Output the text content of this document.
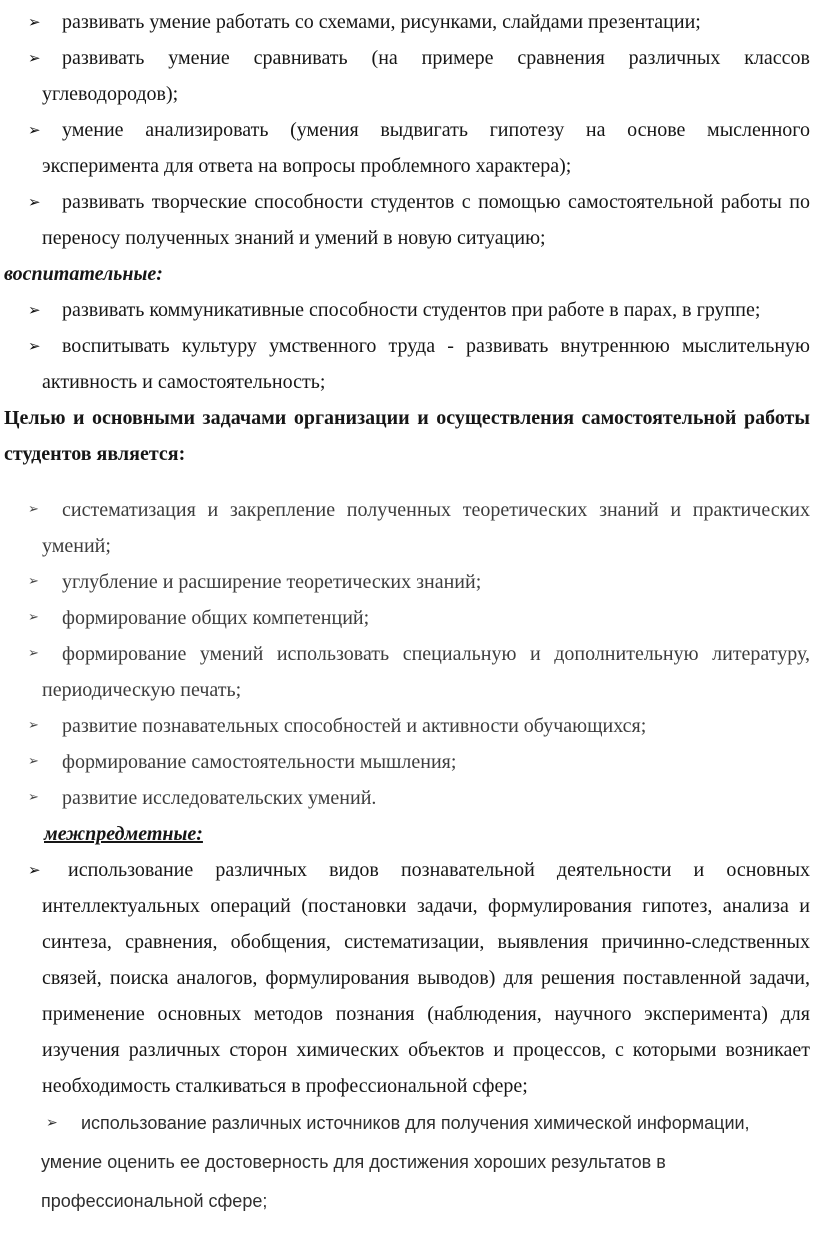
➢ развивать умение работать со схемами, рисунками, слайдами презентации;
➢ развивать умение сравнивать (на примере сравнения различных классов углеводородов);
➢ умение анализировать (умения выдвигать гипотезу на основе мысленного эксперимента для ответа на вопросы проблемного характера);
➢ развивать творческие способности студентов с помощью самостоятельной работы по переносу полученных знаний и умений в новую ситуацию;
воспитательные:
➢ развивать коммуникативные способности студентов при работе в парах, в группе;
➢ воспитывать культуру умственного труда - развивать внутреннюю мыслительную активность и самостоятельность;
Целью и основными задачами организации и осуществления самостоятельной работы студентов является:
➢ систематизация и закрепление полученных теоретических знаний и практических умений;
➢ углубление и расширение теоретических знаний;
➢ формирование общих компетенций;
➢ формирование умений использовать специальную и дополнительную литературу, периодическую печать;
➢ развитие познавательных способностей и активности обучающихся;
➢ формирование самостоятельности мышления;
➢ развитие исследовательских умений.
межпредметные:
➢ использование различных видов познавательной деятельности и основных интеллектуальных операций (постановки задачи, формулирования гипотез, анализа и синтеза, сравнения, обобщения, систематизации, выявления причинно-следственных связей, поиска аналогов, формулирования выводов) для решения поставленной задачи, применение основных методов познания (наблюдения, научного эксперимента) для изучения различных сторон химических объектов и процессов, с которыми возникает необходимость сталкиваться в профессиональной сфере;
➢ использование различных источников для получения химической информации, умение оценить ее достоверность для достижения хороших результатов в профессиональной сфере;
